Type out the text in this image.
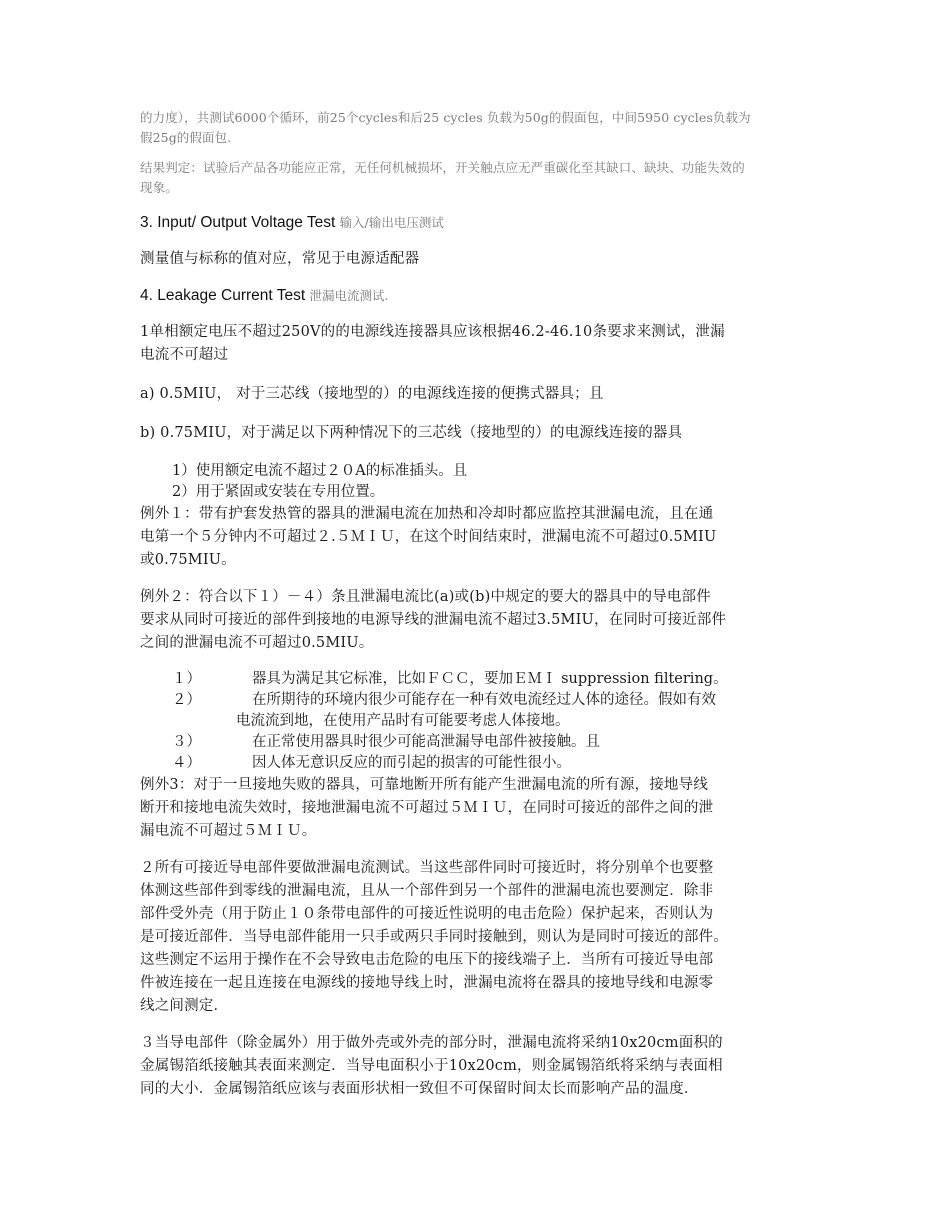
的力度），共测试6000个循环，前25个cycles和后25 cycles 负载为50g的假面包，中间5950 cycles负载为
假25g的假面包.
结果判定：试验后产品各功能应正常，无任何机械损坏，开关触点应无严重碳化至其缺口、缺块、功能失效的
现象。
3. Input/ Output Voltage Test 输入/输出电压测试
测量值与标称的值对应，常见于电源适配器
4. Leakage Current Test 泄漏电流测试.
1单相额定电压不超过250V的的电源线连接器具应该根据46.2-46.10条要求来测试，泄漏
电流不可超过
a) 0.5MIU， 对于三芯线（接地型的）的电源线连接的便携式器具；且
b) 0.75MIU，对于满足以下两种情况下的三芯线（接地型的）的电源线连接的器具
1）使用额定电流不超过２０A的标准插头。且
2）用于紧固或安装在专用位置。
例外１：带有护套发热管的器具的泄漏电流在加热和冷却时都应监控其泄漏电流，且在通
电第一个５分钟内不可超过２.５ＭＩＵ，在这个时间结束时，泄漏电流不可超过0.5MIU
或0.75MIU。
例外２：符合以下１）－４）条且泄漏电流比(a)或(b)中规定的要大的器具中的导电部件
要求从同时可接近的部件到接地的电源导线的泄漏电流不超过3.5MIU，在同时可接近部件
之间的泄漏电流不可超过0.5MIU。
１）	器具为满足其它标准，比如ＦＣＣ，要加ＥＭＩ suppression filtering。
２）	在所期待的环境内很少可能存在一种有效电流经过人体的途径。假如有效
电流流到地，在使用产品时有可能要考虑人体接地。
３）	在正常使用器具时很少可能高泄漏导电部件被接触。且
４）	因人体无意识反应的而引起的损害的可能性很小。
例外3：对于一旦接地失败的器具，可靠地断开所有能产生泄漏电流的所有源，接地导线
断开和接地电流失效时，接地泄漏电流不可超过５ＭＩＵ，在同时可接近的部件之间的泄
漏电流不可超过５ＭＩＵ。
２所有可接近导电部件要做泄漏电流测试。当这些部件同时可接近时，将分别单个也要整
体测这些部件到零线的泄漏电流，且从一个部件到另一个部件的泄漏电流也要测定．除非
部件受外壳（用于防止１０条带电部件的可接近性说明的电击危险）保护起来，否则认为
是可接近部件．当导电部件能用一只手或两只手同时接触到，则认为是同时可接近的部件。
这些测定不运用于操作在不会导致电击危险的电压下的接线端子上．当所有可接近导电部
件被连接在一起且连接在电源线的接地导线上时，泄漏电流将在器具的接地导线和电源零
线之间测定．
３当导电部件（除金属外）用于做外壳或外壳的部分时，泄漏电流将采纳10x20cm面积的
金属锡箔纸接触其表面来测定．当导电面积小于10x20cm，则金属锡箔纸将采纳与表面相
同的大小．金属锡箔纸应该与表面形状相一致但不可保留时间太长而影响产品的温度．
